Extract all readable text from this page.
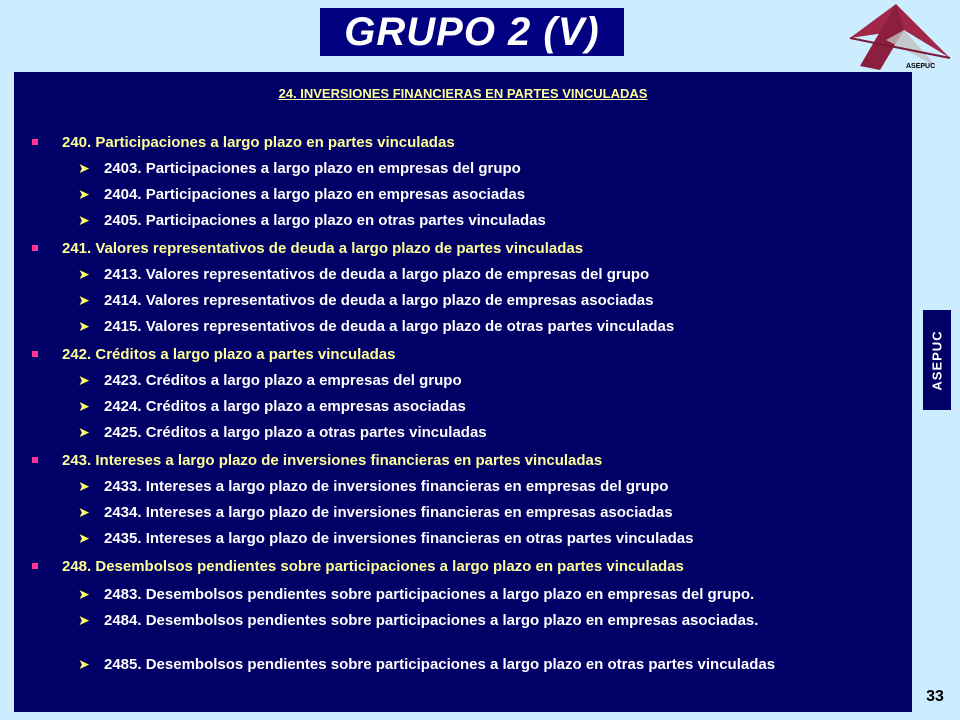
GRUPO 2 (V)
ASEPUC
24. INVERSIONES FINANCIERAS EN PARTES VINCULADAS
240. Participaciones a largo plazo en partes vinculadas
➤ 2403. Participaciones a largo plazo en empresas del grupo
➤ 2404. Participaciones a largo plazo en empresas asociadas
➤ 2405. Participaciones a largo plazo en otras partes vinculadas
241. Valores representativos de deuda a largo plazo de partes vinculadas
➤ 2413. Valores representativos de deuda a largo plazo de empresas del grupo
➤ 2414. Valores representativos de deuda a largo plazo de empresas asociadas
➤ 2415. Valores representativos de deuda a largo plazo de otras partes vinculadas
242. Créditos a largo plazo a partes vinculadas
➤ 2423. Créditos a largo plazo a empresas del grupo
➤ 2424. Créditos a largo plazo a empresas asociadas
➤ 2425. Créditos a largo plazo a otras partes vinculadas
243. Intereses a largo plazo de inversiones financieras en partes vinculadas
➤ 2433. Intereses a largo plazo de inversiones financieras en empresas del grupo
➤ 2434. Intereses a largo plazo de inversiones financieras en empresas asociadas
➤ 2435. Intereses a largo plazo de inversiones financieras en otras partes vinculadas
248. Desembolsos pendientes sobre participaciones a largo plazo en partes vinculadas
➤ 2483. Desembolsos pendientes sobre participaciones a largo plazo en empresas del grupo.
➤ 2484. Desembolsos pendientes sobre participaciones a largo plazo en empresas asociadas.
➤ 2485. Desembolsos pendientes sobre participaciones a largo plazo en otras partes vinculadas
ASEPUC
33
